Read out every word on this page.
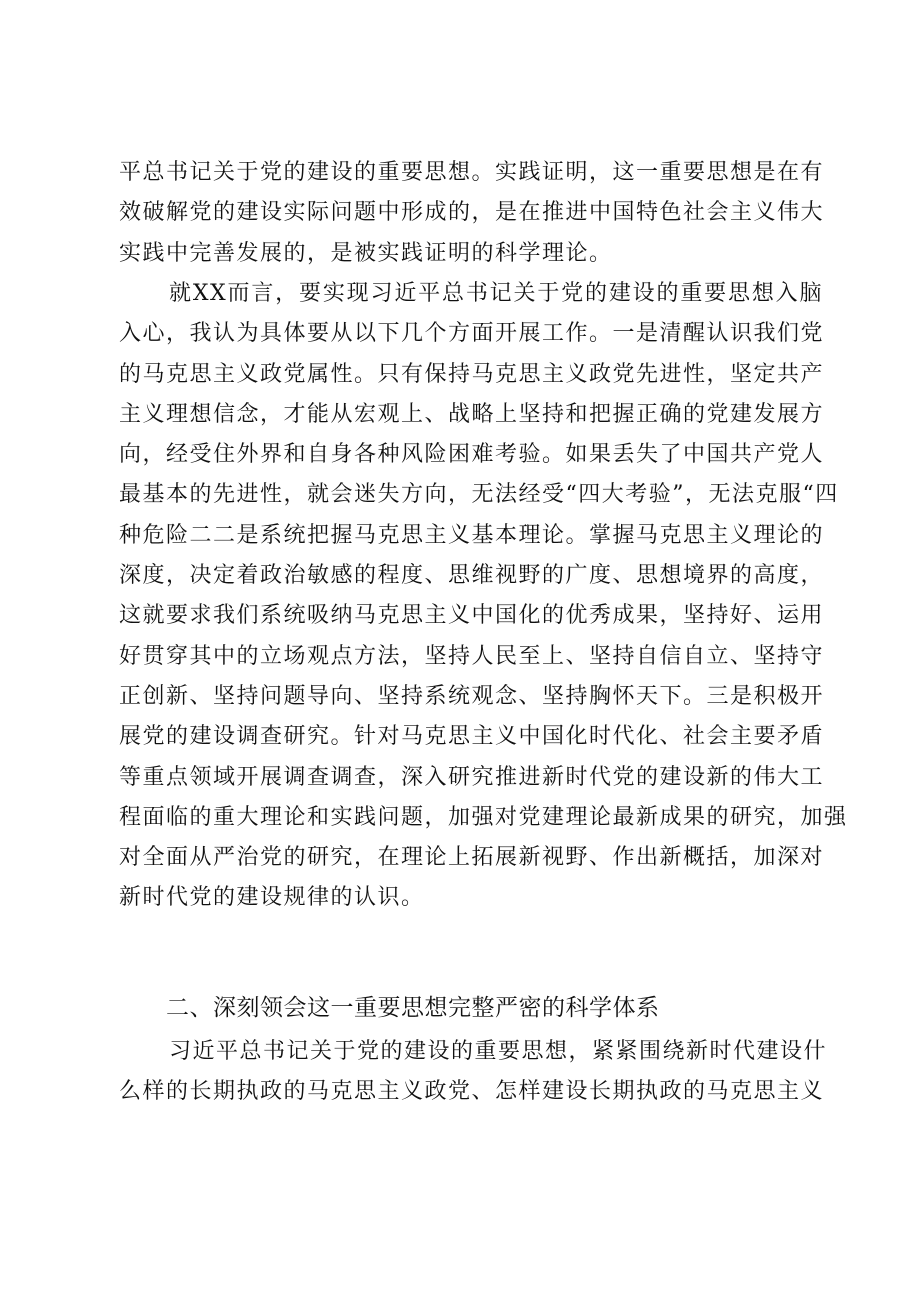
平总书记关于党的建设的重要思想。实践证明，这一重要思想是在有
效破解党的建设实际问题中形成的，是在推进中国特色社会主义伟大
实践中完善发展的，是被实践证明的科学理论。
就XX而言，要实现习近平总书记关于党的建设的重要思想入脑
入心，我认为具体要从以下几个方面开展工作。一是清醒认识我们党
的马克思主义政党属性。只有保持马克思主义政党先进性，坚定共产
主义理想信念，才能从宏观上、战略上坚持和把握正确的党建发展方
向，经受住外界和自身各种风险困难考验。如果丢失了中国共产党人
最基本的先进性，就会迷失方向，无法经受“四大考验”，无法克服“四
种危险二二是系统把握马克思主义基本理论。掌握马克思主义理论的
深度，决定着政治敏感的程度、思维视野的广度、思想境界的高度，
这就要求我们系统吸纳马克思主义中国化的优秀成果，坚持好、运用
好贯穿其中的立场观点方法，坚持人民至上、坚持自信自立、坚持守
正创新、坚持问题导向、坚持系统观念、坚持胸怀天下。三是积极开
展党的建设调查研究。针对马克思主义中国化时代化、社会主要矛盾
等重点领域开展调查调查，深入研究推进新时代党的建设新的伟大工
程面临的重大理论和实践问题，加强对党建理论最新成果的研究，加强
对全面从严治党的研究，在理论上拓展新视野、作出新概括，加深对
新时代党的建设规律的认识。
二、深刻领会这一重要思想完整严密的科学体系
习近平总书记关于党的建设的重要思想，紧紧围绕新时代建设什
么样的长期执政的马克思主义政党、怎样建设长期执政的马克思主义
